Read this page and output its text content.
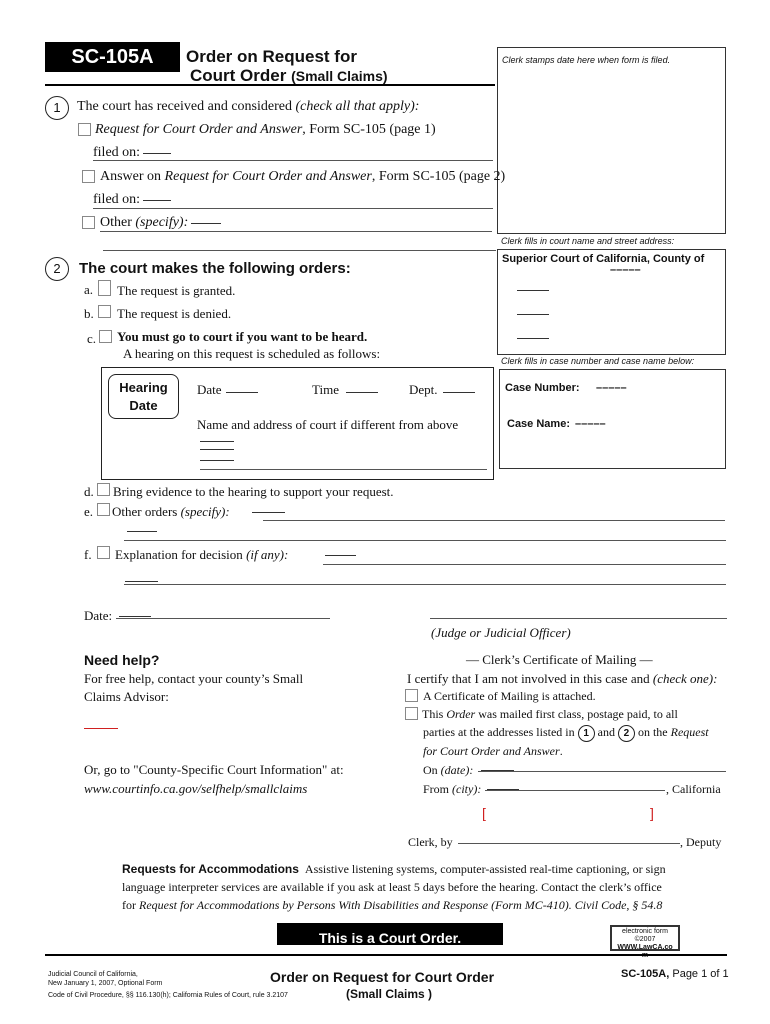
SC-105A	Order on Request for
Court Order (Small Claims)
Clerk stamps date here when form is filed.
Clerk fills in court name and street address:
Superior Court of California, County of
–––––
Clerk fills in case number and case name below:
Case Number: –––––
Case Name: –––––
1	The court has received and considered (check all that apply):
Request for Court Order and Answer, Form SC-105 (page 1)
filed on:
Answer on Request for Court Order and Answer, Form SC-105 (page 2)
filed on:
Other (specify):
2	The court makes the following orders:
a. The request is granted.
b. The request is denied.
c. You must go to court if you want to be heard.
A hearing on this request is scheduled as follows:
Hearing
Date
Date	Time	Dept.
Name and address of court if different from above
d. Bring evidence to the hearing to support your request.
e. Other orders (specify):
f. Explanation for decision (if any):
Date:
(Judge or Judicial Officer)
Need help?
For free help, contact your county’s Small
Claims Advisor:
Or, go to "County-Specific Court Information" at:
www.courtinfo.ca.gov/selfhelp/smallclaims
— Clerk’s Certificate of Mailing —
I certify that I am not involved in this case and (check one):
A Certificate of Mailing is attached.
This Order was mailed first class, postage paid, to all
parties at the addresses listed in 1 and 2 on the Request
for Court Order and Answer.
On (date):
From (city):	, California
[	]
Clerk, by	, Deputy
Requests for Accommodations Assistive listening systems, computer-assisted real-time captioning, or sign
language interpreter services are available if you ask at least 5 days before the hearing. Contact the clerk’s office
for Request for Accommodations by Persons With Disabilities and Response (Form MC-410). Civil Code, § 54.8
This is a Court Order.	electronic form ©2007
WWW.LawCA.co
m
Judicial Council of California,
New January 1, 2007, Optional Form
Code of Civil Procedure, §§ 116.130(h); California Rules of Court, rule 3.2107
Order on Request for Court Order
(Small Claims )
SC-105A, Page 1 of 1
